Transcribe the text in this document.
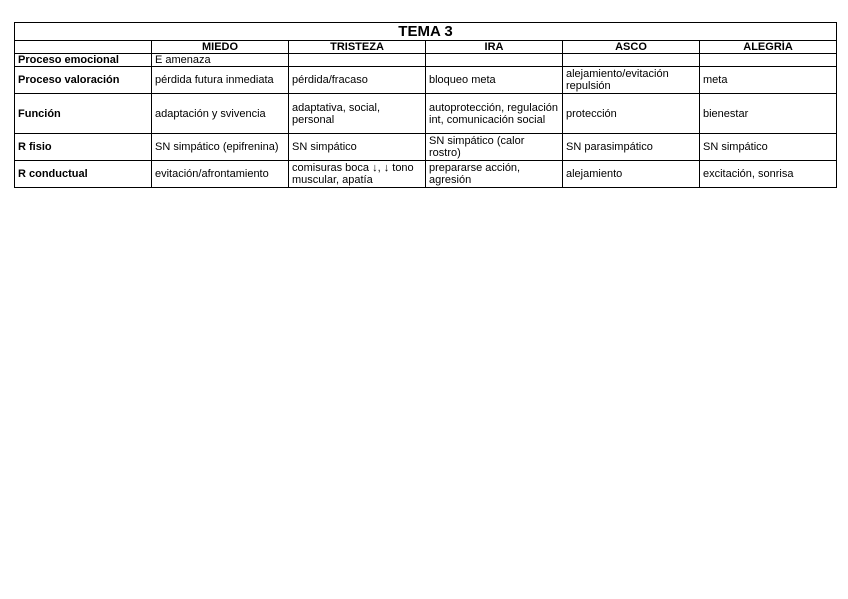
TEMA 3					
	MIEDO	TRISTEZA	IRA	ASCO	ALEGRÍA
Proceso emocional	E amenaza				
Proceso valoración	pérdida futura inmediata	pérdida/fracaso	bloqueo meta	alejamiento/evitación repulsión	meta
Función	adaptación y svivencia	adaptativa, social, personal	autoprotección, regulación int, comunicación social	protección	bienestar
R fisio	SN simpático (epifrenina)	SN simpático	SN simpático (calor rostro)	SN parasimpático	SN simpático
R conductual	evitación/afrontamiento	comisuras boca ↓, ↓ tono muscular, apatía	prepararse acción, agresión	alejamiento	excitación, sonrisa
